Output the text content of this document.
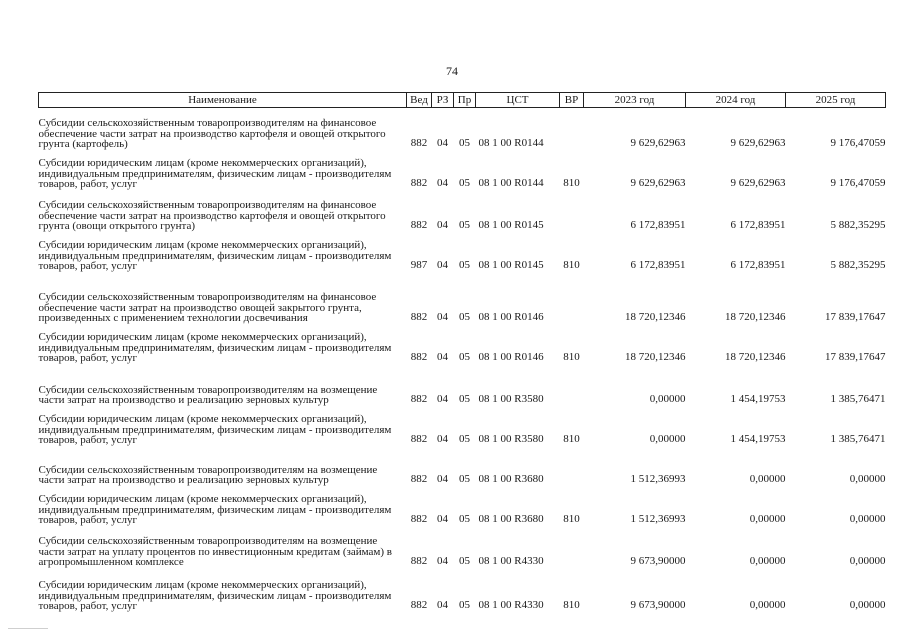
74
Наименование	Вед	РЗ	Пр	ЦСТ	ВР	2023 год	2024 год	2025 год
Субсидии сельскохозяйственным товаропроизводителям на финансовое обеспечение части затрат на производство картофеля и овощей открытого грунта (картофель)	882	04	05	08 1 00 R0144		9 629,62963	9 629,62963	9 176,47059
Субсидии юридическим лицам (кроме некоммерческих организаций), индивидуальным предпринимателям, физическим лицам - производителям товаров, работ, услуг	882	04	05	08 1 00 R0144	810	9 629,62963	9 629,62963	9 176,47059
Субсидии сельскохозяйственным товаропроизводителям на финансовое обеспечение части затрат на производство картофеля и овощей открытого грунта (овощи открытого грунта)	882	04	05	08 1 00 R0145		6 172,83951	6 172,83951	5 882,35295
Субсидии юридическим лицам (кроме некоммерческих организаций), индивидуальным предпринимателям, физическим лицам - производителям товаров, работ, услуг	987	04	05	08 1 00 R0145	810	6 172,83951	6 172,83951	5 882,35295
Субсидии сельскохозяйственным товаропроизводителям на финансовое обеспечение части затрат на производство овощей закрытого грунта, произведенных с применением технологии досвечивания	882	04	05	08 1 00 R0146		18 720,12346	18 720,12346	17 839,17647
Субсидии юридическим лицам (кроме некоммерческих организаций), индивидуальным предпринимателям, физическим лицам - производителям товаров, работ, услуг	882	04	05	08 1 00 R0146	810	18 720,12346	18 720,12346	17 839,17647
Субсидии сельскохозяйственным товаропроизводителям на возмещение части затрат на производство и реализацию зерновых культур	882	04	05	08 1 00 R3580		0,00000	1 454,19753	1 385,76471
Субсидии юридическим лицам (кроме некоммерческих организаций), индивидуальным предпринимателям, физическим лицам - производителям товаров, работ, услуг	882	04	05	08 1 00 R3580	810	0,00000	1 454,19753	1 385,76471
Субсидии сельскохозяйственным товаропроизводителям на возмещение части затрат на производство и реализацию зерновых культур	882	04	05	08 1 00 R3680		1 512,36993	0,00000	0,00000
Субсидии юридическим лицам (кроме некоммерческих организаций), индивидуальным предпринимателям, физическим лицам - производителям товаров, работ, услуг	882	04	05	08 1 00 R3680	810	1 512,36993	0,00000	0,00000
Субсидии сельскохозяйственным товаропроизводителям на возмещение части затрат на уплату процентов по инвестиционным кредитам (займам) в агропромышленном комплексе	882	04	05	08 1 00 R4330		9 673,90000	0,00000	0,00000
Субсидии юридическим лицам (кроме некоммерческих организаций), индивидуальным предпринимателям, физическим лицам - производителям товаров, работ, услуг	882	04	05	08 1 00 R4330	810	9 673,90000	0,00000	0,00000
